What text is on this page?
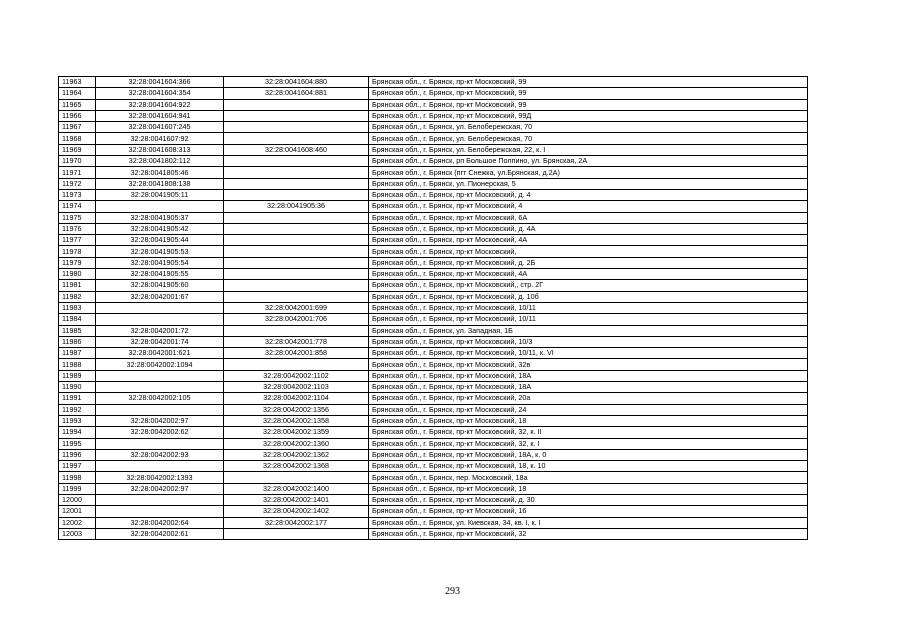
11963	32:28:0041604:366	32:28:0041604:880	Брянская обл., г. Брянск, пр-кт Московский, 99
11964	32:28:0041604:354	32:28:0041604:881	Брянская обл., г. Брянск, пр-кт Московский, 99
11965	32:28:0041604:922		Брянская обл., г. Брянск, пр-кт Московский, 99
11966	32:28:0041604:941		Брянская обл., г. Брянск, пр-кт Московский, 99Д
11967	32:28:0041607:245		Брянская обл., г. Брянск, ул. Белобережская, 70
11968	32:28:0041607:92		Брянская обл., г. Брянск, ул. Белобережская, 70
11969	32:28:0041608:313	32:28:0041608:460	Брянская обл., г. Брянск, ул. Белобережская, 22, к. I
11970	32:28:0041802:112		Брянская обл., г. Брянск, рп Большое Полпино, ул. Брянская, 2А
11971	32:28:0041805:46		Брянская обл., г. Брянск (пгт Снежка, ул.Брянская, д.2А)
11972	32:28:0041808:138		Брянская обл., г. Брянск, ул. Пионерская, 5
11973	32:28:0041905:11		Брянская обл., г. Брянск, пр-кт Московский, д. 4
11974		32:28:0041905:36	Брянская обл., г. Брянск, пр-кт Московский, 4
11975	32:28:0041905:37		Брянская обл., г. Брянск, пр-кт Московский, 6А
11976	32:28:0041905:42		Брянская обл., г. Брянск, пр-кт Московский, д. 4А
11977	32:28:0041905:44		Брянская обл., г. Брянск, пр-кт Московский, 4А
11978	32:28:0041905:53		Брянская обл., г. Брянск, пр-кт Московский,
11979	32:28:0041905:54		Брянская обл., г. Брянск, пр-кт Московский, д. 2Б
11980	32:28:0041905:55		Брянская обл., г. Брянск, пр-кт Московский, 4А
11981	32:28:0041905:60		Брянская обл., г. Брянск, пр-кт Московский,, стр. 2Г
11982	32:28:0042001:67		Брянская обл., г. Брянск, пр-кт Московский, д. 10б
11983		32:28:0042001:699	Брянская обл., г. Брянск, пр-кт Московский, 10/11
11984		32:28:0042001:706	Брянская обл., г. Брянск, пр-кт Московский, 10/11
11985	32:28:0042001:72		Брянская обл., г. Брянск, ул. Западная, 1Б
11986	32:28:0042001:74	32:28:0042001:778	Брянская обл., г. Брянск, пр-кт Московский, 10/3
11987	32:28:0042001:621	32:28:0042001:858	Брянская обл., г. Брянск, пр-кт Московский, 10/11, к. VI
11988	32:28:0042002:1094		Брянская обл., г. Брянск, пр-кт Московский, 32в
11989		32:28:0042002:1102	Брянская обл., г. Брянск, пр-кт Московский, 18А
11990		32:28:0042002:1103	Брянская обл., г. Брянск, пр-кт Московский, 18А
11991	32:28:0042002:105	32:28:0042002:1104	Брянская обл., г. Брянск, пр-кт Московский, 20а
11992		32:28:0042002:1356	Брянская обл., г. Брянск, пр-кт Московский, 24
11993	32:28:0042002:97	32:28:0042002:1358	Брянская обл., г. Брянск, пр-кт Московский, 18
11994	32:28:0042002:62	32:28:0042002:1359	Брянская обл., г. Брянск, пр-кт Московский, 32, к. II
11995		32:28:0042002:1360	Брянская обл., г. Брянск, пр-кт Московский, 32, к. I
11996	32:28:0042002:93	32:28:0042002:1362	Брянская обл., г. Брянск, пр-кт Московский, 18А, к. 0
11997		32:28:0042002:1368	Брянская обл., г. Брянск, пр-кт Московский, 18, к. 10
11998	32:28:0042002:1393		Брянская обл., г. Брянск, пер. Московский, 18а
11999	32:28:0042002:97	32:28:0042002:1400	Брянская обл., г. Брянск, пр-кт Московский, 18
12000		32:28:0042002:1401	Брянская обл., г. Брянск, пр-кт Московский, д. 30
12001		32:28:0042002:1402	Брянская обл., г. Брянск, пр-кт Московский, 16
12002	32:28:0042002:64	32:28:0042002:177	Брянская обл., г. Брянск, ул. Киевская, 34, кв. I, к. I
12003	32:28:0042002:61		Брянская обл., г. Брянск, пр-кт Московский, 32
293
